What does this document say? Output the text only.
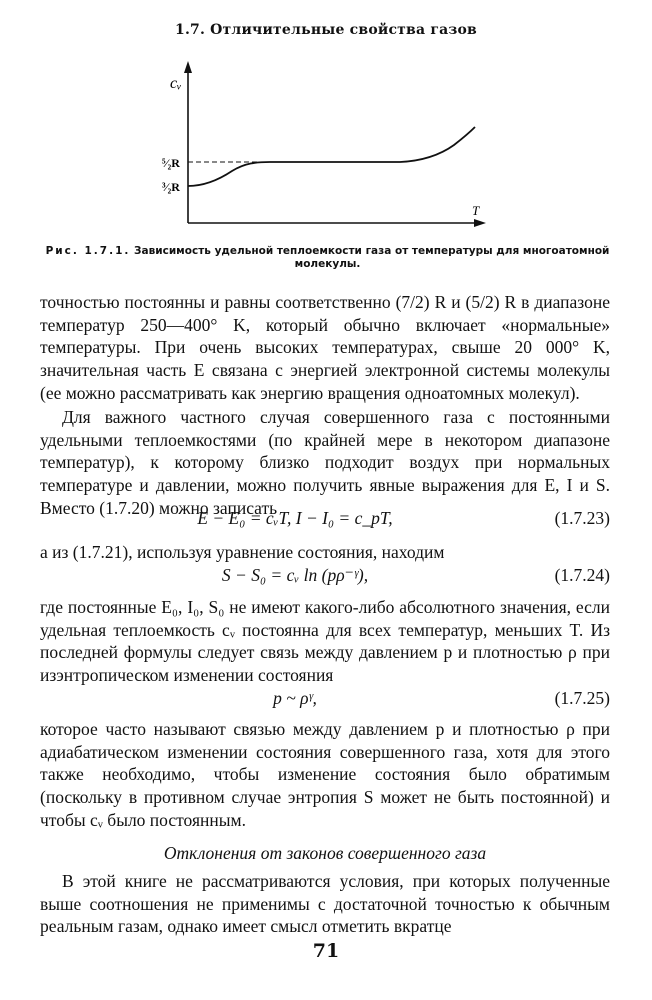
1.7. Отличительные свойства газов
cᵥ
T
⁵⁄₂R
³⁄₂R
Рис. 1.7.1. Зависимость удельной теплоемкости газа от температуры для многоатомной молекулы.
точностью постоянны и равны соответственно (7/2) R и (5/2) R в диапазоне температур 250—400° K, который обычно включает «нормальные» температуры. При очень высоких температурах, свыше 20 000° K, значительная часть E связана с энергией электронной системы молекулы (ее можно рассматривать как энергию вращения одноатомных молекул).
Для важного частного случая совершенного газа с постоянными удельными теплоемкостями (по крайней мере в некотором диапазоне температур), к которому близко подходит воздух при нормальных температуре и давлении, можно получить явные выражения для E, I и S. Вместо (1.7.20) можно записать
E − E₀ = cᵥT, I − I₀ = c_pT,	(1.7.23)
а из (1.7.21), используя уравнение состояния, находим
S − S₀ = cᵥ ln (pρ⁻ᵞ),	(1.7.24)
где постоянные E₀, I₀, S₀ не имеют какого-либо абсолютного значения, если удельная теплоемкость cᵥ постоянна для всех температур, меньших T. Из последней формулы следует связь между давлением p и плотностью ρ при изэнтропическом изменении состояния
p ~ ρᵞ,	(1.7.25)
которое часто называют связью между давлением p и плотностью ρ при адиабатическом изменении состояния совершенного газа, хотя для этого также необходимо, чтобы изменение состояния было обратимым (поскольку в противном случае энтропия S может не быть постоянной) и чтобы cᵥ было постоянным.
Отклонения от законов совершенного газа
В этой книге не рассматриваются условия, при которых полученные выше соотношения не применимы с достаточной точностью к обычным реальным газам, однако имеет смысл отметить вкратце
71
